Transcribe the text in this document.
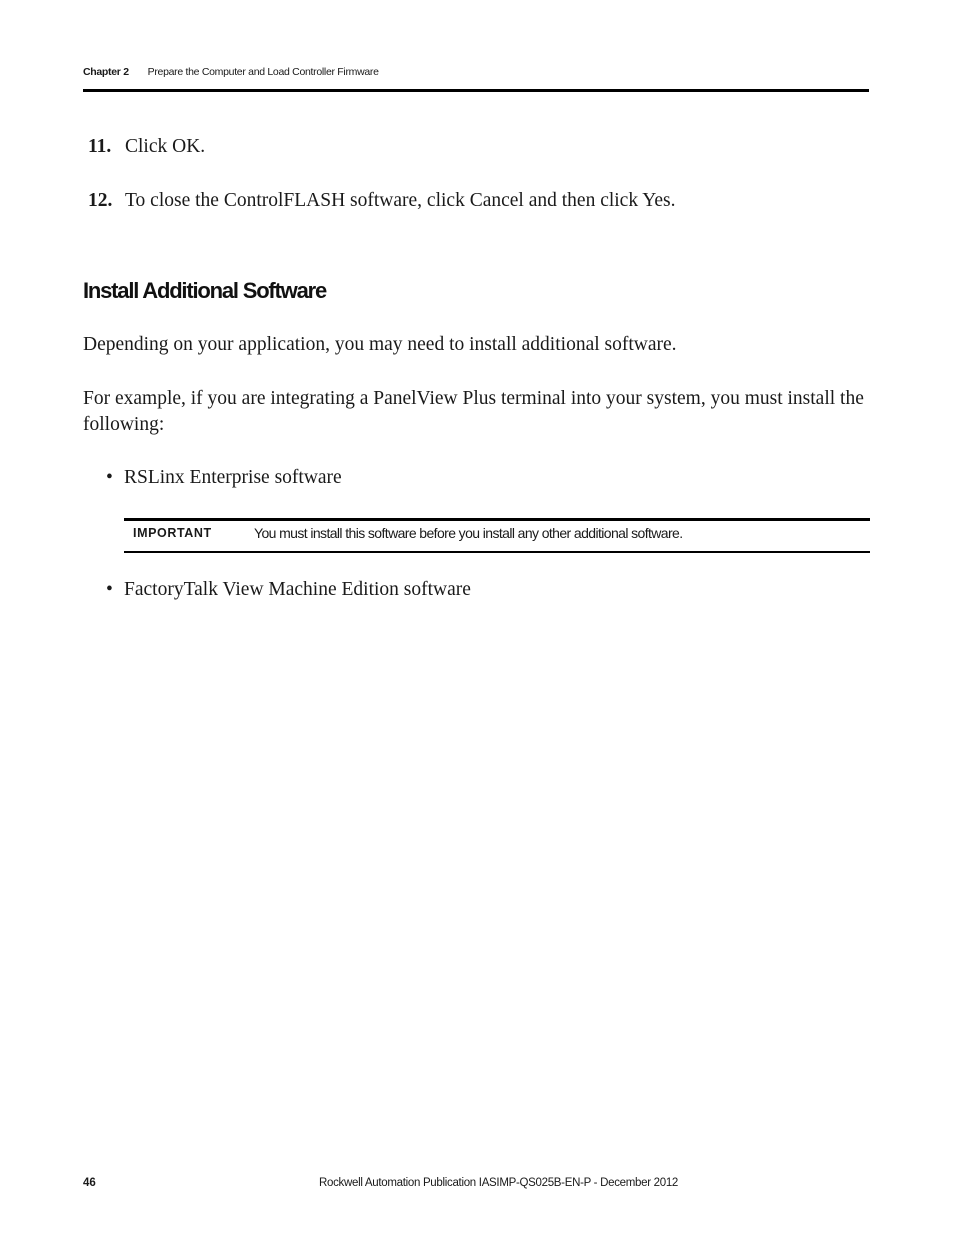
Chapter 2 Prepare the Computer and Load Controller Firmware
11. Click OK.
12. To close the ControlFLASH software, click Cancel and then click Yes.
Install Additional Software
Depending on your application, you may need to install additional software.
For example, if you are integrating a PanelView Plus terminal into your system, you must install the following:
• RSLinx Enterprise software
IMPORTANT	You must install this software before you install any other additional software.
• FactoryTalk View Machine Edition software
46	Rockwell Automation Publication IASIMP-QS025B-EN-P - December 2012
